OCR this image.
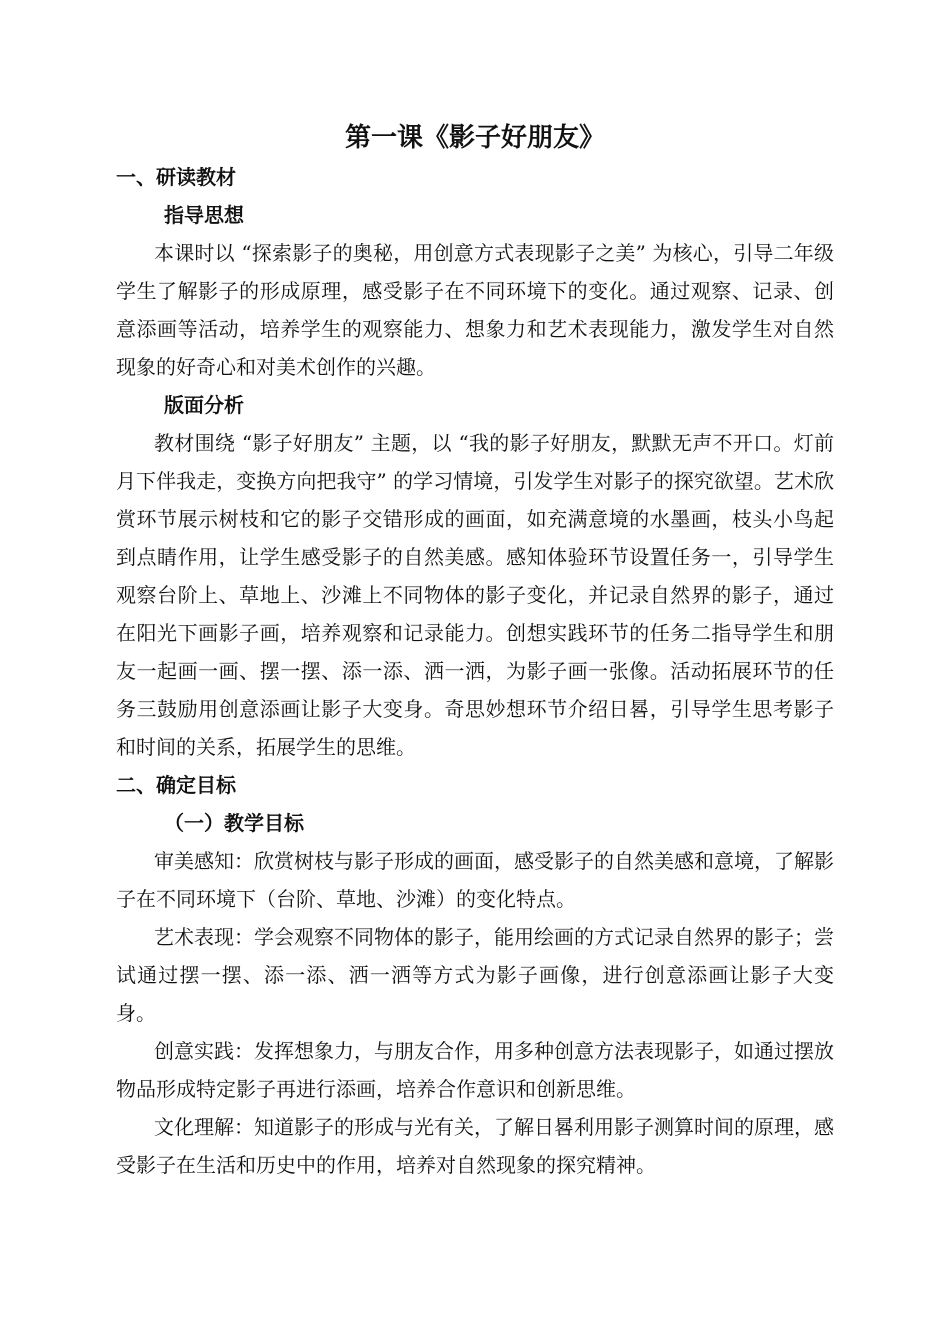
第一课《影子好朋友》
一、研读教材
指导思想

本课时以 “探索影子的奥秘，用创意方式表现影子之美” 为核心，引导二年级学生了解影子的形成原理，感受影子在不同环境下的变化。通过观察、记录、创意添画等活动，培养学生的观察能力、想象力和艺术表现能力，激发学生对自然现象的好奇心和对美术创作的兴趣。

版面分析

教材围绕 “影子好朋友” 主题，以 “我的影子好朋友，默默无声不开口。灯前月下伴我走，变换方向把我守” 的学习情境，引发学生对影子的探究欲望。艺术欣赏环节展示树枝和它的影子交错形成的画面，如充满意境的水墨画，枝头小鸟起到点睛作用，让学生感受影子的自然美感。感知体验环节设置任务一，引导学生观察台阶上、草地上、沙滩上不同物体的影子变化，并记录自然界的影子，通过在阳光下画影子画，培养观察和记录能力。创想实践环节的任务二指导学生和朋友一起画一画、摆一摆、添一添、洒一洒，为影子画一张像。活动拓展环节的任务三鼓励用创意添画让影子大变身。奇思妙想环节介绍日晷，引导学生思考影子和时间的关系，拓展学生的思维。

二、确定目标
（一）教学目标

审美感知：欣赏树枝与影子形成的画面，感受影子的自然美感和意境，了解影子在不同环境下（台阶、草地、沙滩）的变化特点。

艺术表现：学会观察不同物体的影子，能用绘画的方式记录自然界的影子；尝试通过摆一摆、添一添、洒一洒等方式为影子画像，进行创意添画让影子大变身。

创意实践：发挥想象力，与朋友合作，用多种创意方法表现影子，如通过摆放物品形成特定影子再进行添画，培养合作意识和创新思维。

文化理解：知道影子的形成与光有关，了解日晷利用影子测算时间的原理，感受影子在生活和历史中的作用，培养对自然现象的探究精神。
